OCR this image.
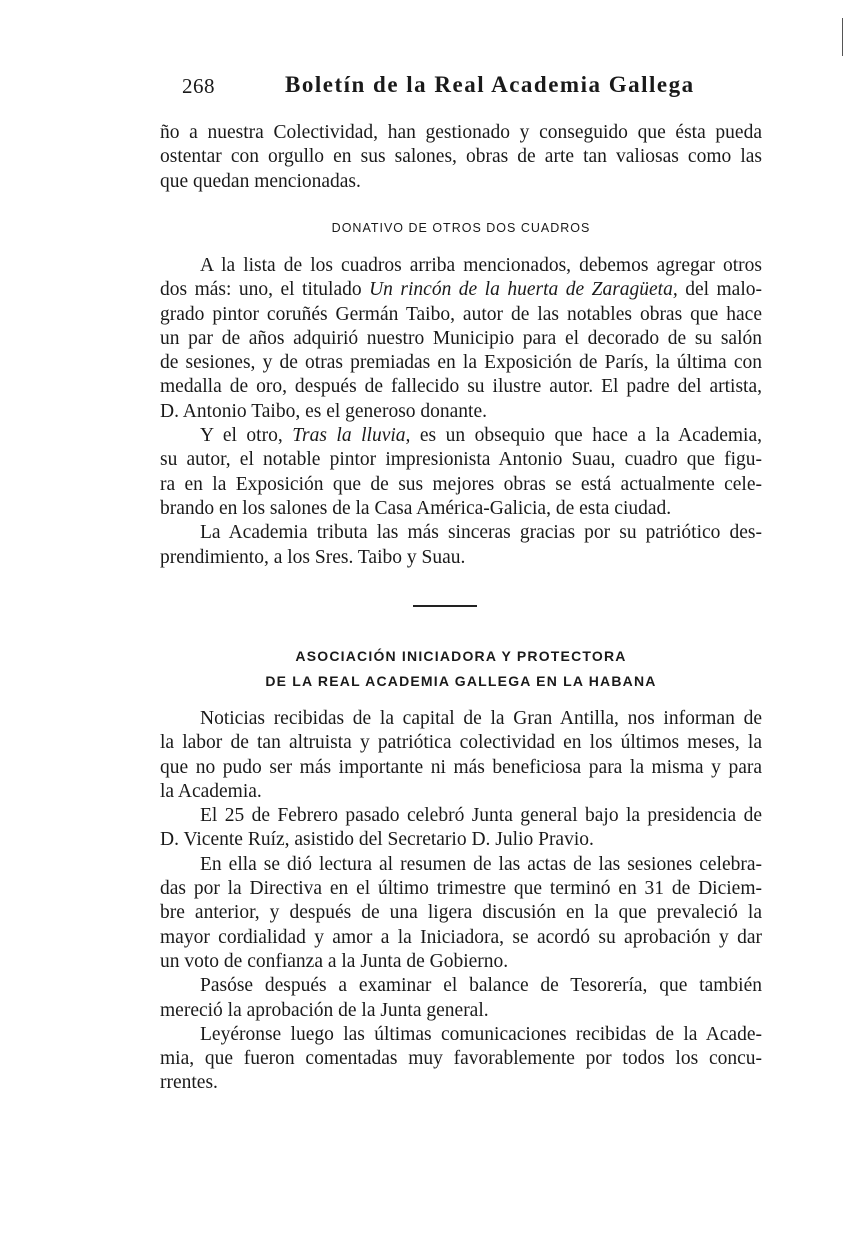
268	Boletín de la Real Academia Gallega

ño a nuestra Colectividad, han gestionado y conseguido que ésta pueda

ostentar con orgullo en sus salones, obras de arte tan valiosas como las

que quedan mencionadas.

DONATIVO DE OTROS DOS CUADROS

A la lista de los cuadros arriba mencionados, debemos agregar otros

dos más: uno, el titulado Un rincón de la huerta de Zaragüeta, del malo-

grado pintor coruñés Germán Taibo, autor de las notables obras que hace

un par de años adquirió nuestro Municipio para el decorado de su salón

de sesiones, y de otras premiadas en la Exposición de París, la última con

medalla de oro, después de fallecido su ilustre autor. El padre del artista,

D. Antonio Taibo, es el generoso donante.

Y el otro, Tras la lluvia, es un obsequio que hace a la Academia,

su autor, el notable pintor impresionista Antonio Suau, cuadro que figu-

ra en la Exposición que de sus mejores obras se está actualmente cele-

brando en los salones de la Casa América-Galicia, de esta ciudad.

La Academia tributa las más sinceras gracias por su patriótico des-

prendimiento, a los Sres. Taibo y Suau.

ASOCIACIÓN INICIADORA Y PROTECTORA
DE LA REAL ACADEMIA GALLEGA EN LA HABANA

Noticias recibidas de la capital de la Gran Antilla, nos informan de

la labor de tan altruista y patriótica colectividad en los últimos meses, la

que no pudo ser más importante ni más beneficiosa para la misma y para

la Academia.

El 25 de Febrero pasado celebró Junta general bajo la presidencia de

D. Vicente Ruíz, asistido del Secretario D. Julio Pravio.

En ella se dió lectura al resumen de las actas de las sesiones celebra-

das por la Directiva en el último trimestre que terminó en 31 de Diciem-

bre anterior, y después de una ligera discusión en la que prevaleció la

mayor cordialidad y amor a la Iniciadora, se acordó su aprobación y dar

un voto de confianza a la Junta de Gobierno.

Pasóse después a examinar el balance de Tesorería, que también

mereció la aprobación de la Junta general.

Leyéronse luego las últimas comunicaciones recibidas de la Acade-

mia, que fueron comentadas muy favorablemente por todos los concu-

rrentes.
